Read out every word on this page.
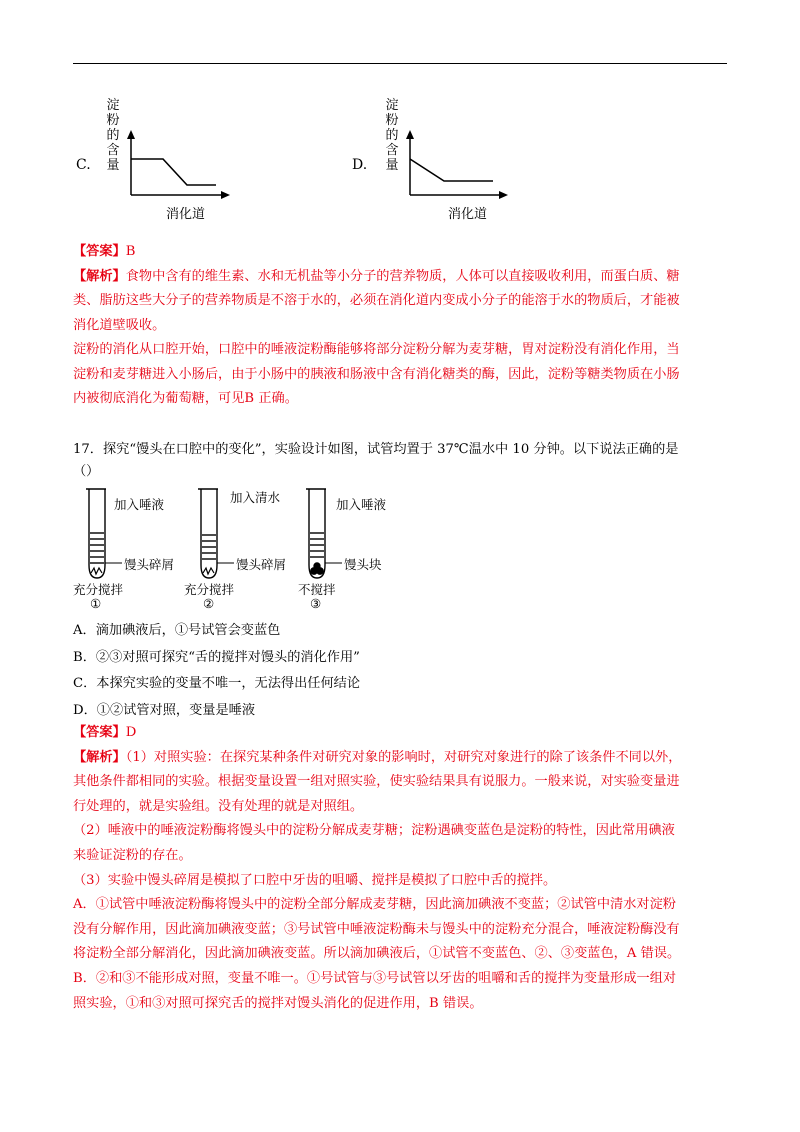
C.
淀
粉
的
含
量
消化道
D.
淀
粉
的
含
量
消化道

【答案】B

【解析】食物中含有的维生素、水和无机盐等小分子的营养物质，人体可以直接吸收利用，而蛋白质、糖

类、脂肪这些大分子的营养物质是不溶于水的，必须在消化道内变成小分子的能溶于水的物质后，才能被

消化道壁吸收。

淀粉的消化从口腔开始，口腔中的唾液淀粉酶能够将部分淀粉分解为麦芽糖，胃对淀粉没有消化作用，当

淀粉和麦芽糖进入小肠后，由于小肠中的胰液和肠液中含有消化糖类的酶，因此，淀粉等糖类物质在小肠

内被彻底消化为葡萄糖，可见B 正确。

17．探究“馒头在口腔中的变化”，实验设计如图，试管均置于 37℃温水中 10 分钟。以下说法正确的是

（）

加入唾液
馒头碎屑
充分搅拌
①
加入清水
馒头碎屑
充分搅拌
②
加入唾液
馒头块
不搅拌
③

A．滴加碘液后，①号试管会变蓝色

B．②③对照可探究“舌的搅拌对馒头的消化作用”

C．本探究实验的变量不唯一，无法得出任何结论

D．①②试管对照，变量是唾液

【答案】D

【解析】（1）对照实验：在探究某种条件对研究对象的影响时，对研究对象进行的除了该条件不同以外，

其他条件都相同的实验。根据变量设置一组对照实验，使实验结果具有说服力。一般来说，对实验变量进

行处理的，就是实验组。没有处理的就是对照组。

（2）唾液中的唾液淀粉酶将馒头中的淀粉分解成麦芽糖；淀粉遇碘变蓝色是淀粉的特性，因此常用碘液

来验证淀粉的存在。

（3）实验中馒头碎屑是模拟了口腔中牙齿的咀嚼、搅拌是模拟了口腔中舌的搅拌。

A．①试管中唾液淀粉酶将馒头中的淀粉全部分解成麦芽糖，因此滴加碘液不变蓝；②试管中清水对淀粉

没有分解作用，因此滴加碘液变蓝；③号试管中唾液淀粉酶未与馒头中的淀粉充分混合，唾液淀粉酶没有

将淀粉全部分解消化，因此滴加碘液变蓝。所以滴加碘液后，①试管不变蓝色、②、③变蓝色，A 错误。

B．②和③不能形成对照，变量不唯一。①号试管与③号试管以牙齿的咀嚼和舌的搅拌为变量形成一组对

照实验，①和③对照可探究舌的搅拌对馒头消化的促进作用，B 错误。
